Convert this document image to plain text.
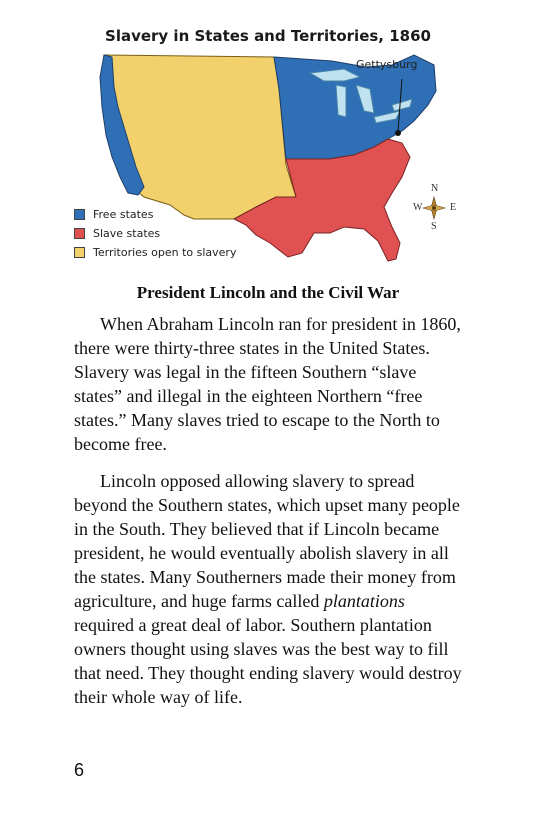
Slavery in States and Territories, 1860
Gettysburg
Free states
Slave states
Territories open to slavery
N
S
W	E
President Lincoln and the Civil War

When Abraham Lincoln ran for president in 1860, there were thirty-three states in the United States. Slavery was legal in the fifteen Southern “slave states” and illegal in the eighteen Northern “free states.” Many slaves tried to escape to the North to become free.

Lincoln opposed allowing slavery to spread beyond the Southern states, which upset many people in the South. They believed that if Lincoln became president, he would eventually abolish slavery in all the states. Many Southerners made their money from agriculture, and huge farms called plantations required a great deal of labor. Southern plantation owners thought using slaves was the best way to fill that need. They thought ending slavery would destroy their whole way of life.

6
